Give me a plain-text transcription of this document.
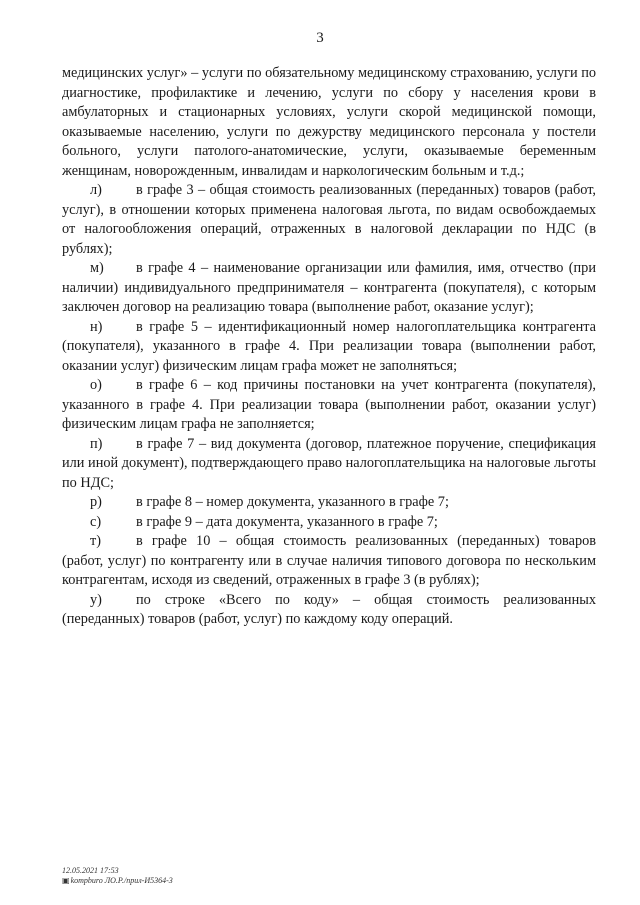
3

медицинских услуг» – услуги по обязательному медицинскому страхованию, услуги по диагностике, профилактике и лечению, услуги по сбору у населения крови в амбулаторных и стационарных условиях, услуги скорой медицинской помощи, оказываемые населению, услуги по дежурству медицинского персонала у постели больного, услуги патолого-анатомические, услуги, оказываемые беременным женщинам, новорожденным, инвалидам и наркологическим больным и т.д.;

л) в графе 3 – общая стоимость реализованных (переданных) товаров (работ, услуг), в отношении которых применена налоговая льгота, по видам освобождаемых от налогообложения операций, отраженных в налоговой декларации по НДС (в рублях);

м) в графе 4 – наименование организации или фамилия, имя, отчество (при наличии) индивидуального предпринимателя – контрагента (покупателя), с которым заключен договор на реализацию товара (выполнение работ, оказание услуг);

н) в графе 5 – идентификационный номер налогоплательщика контрагента (покупателя), указанного в графе 4. При реализации товара (выполнении работ, оказании услуг) физическим лицам графа может не заполняться;

о) в графе 6 – код причины постановки на учет контрагента (покупателя), указанного в графе 4. При реализации товара (выполнении работ, оказании услуг) физическим лицам графа не заполняется;

п) в графе 7 – вид документа (договор, платежное поручение, спецификация или иной документ), подтверждающего право налогоплательщика на налоговые льготы по НДС;

р) в графе 8 – номер документа, указанного в графе 7;

с) в графе 9 – дата документа, указанного в графе 7;

т) в графе 10 – общая стоимость реализованных (переданных) товаров (работ, услуг) по контрагенту или в случае наличия типового договора по нескольким контрагентам, исходя из сведений, отраженных в графе 3 (в рублях);

у) по строке «Всего по коду» – общая стоимость реализованных (переданных) товаров (работ, услуг) по каждому коду операций.

12.05.2021 17:53
▣kompburo ЛО.Р./прил-И5364-3
